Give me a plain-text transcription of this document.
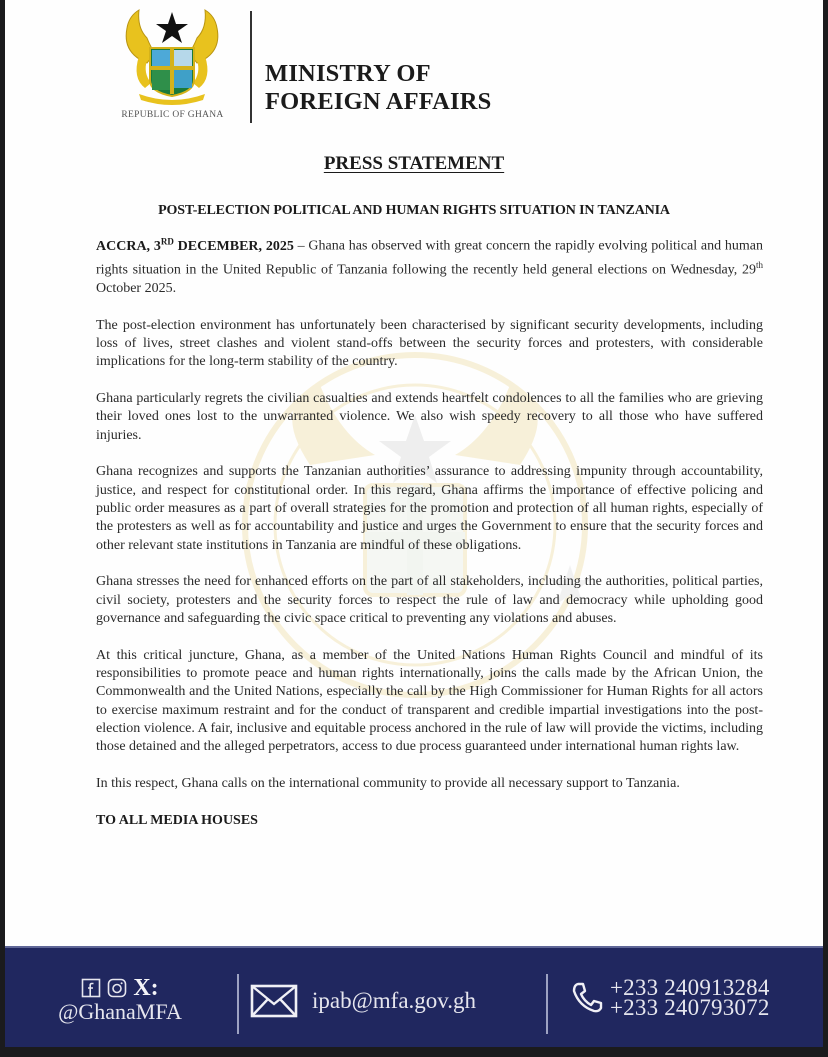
REPUBLIC OF GHANA
MINISTRY OF
FOREIGN AFFAIRS
PRESS STATEMENT
POST-ELECTION POLITICAL AND HUMAN RIGHTS SITUATION IN TANZANIA

ACCRA, 3RD DECEMBER, 2025 – Ghana has observed with great concern the rapidly evolving political and human rights situation in the United Republic of Tanzania following the recently held general elections on Wednesday, 29th October 2025.

The post-election environment has unfortunately been characterised by significant security developments, including loss of lives, street clashes and violent stand-offs between the security forces and protesters, with considerable implications for the long-term stability of the country.

Ghana particularly regrets the civilian casualties and extends heartfelt condolences to all the families who are grieving their loved ones lost to the unwarranted violence. We also wish speedy recovery to all those who have suffered injuries.

Ghana recognizes and supports the Tanzanian authorities’ assurance to addressing impunity through accountability, justice, and respect for constitutional order. In this regard, Ghana affirms the importance of effective policing and public order measures as a part of overall strategies for the promotion and protection of all human rights, especially of the protesters as well as for accountability and justice and urges the Government to ensure that the security forces and other relevant state institutions in Tanzania are mindful of these obligations.

Ghana stresses the need for enhanced efforts on the part of all stakeholders, including the authorities, political parties, civil society, protesters and the security forces to respect the rule of law and democracy while upholding good governance and safeguarding the civic space critical to preventing any violations and abuses.

At this critical juncture, Ghana, as a member of the United Nations Human Rights Council and mindful of its responsibilities to promote peace and human rights internationally, joins the calls made by the African Union, the Commonwealth and the United Nations, especially the call by the High Commissioner for Human Rights for all actors to exercise maximum restraint and for the conduct of transparent and credible impartial investigations into the post-election violence. A fair, inclusive and equitable process anchored in the rule of law will provide the victims, including those detained and the alleged perpetrators, access to due process guaranteed under international human rights law.

In this respect, Ghana calls on the international community to provide all necessary support to Tanzania.

TO ALL MEDIA HOUSES
X:
@GhanaMFA	ipab@mfa.gov.gh
+233 240913284
+233 240793072
